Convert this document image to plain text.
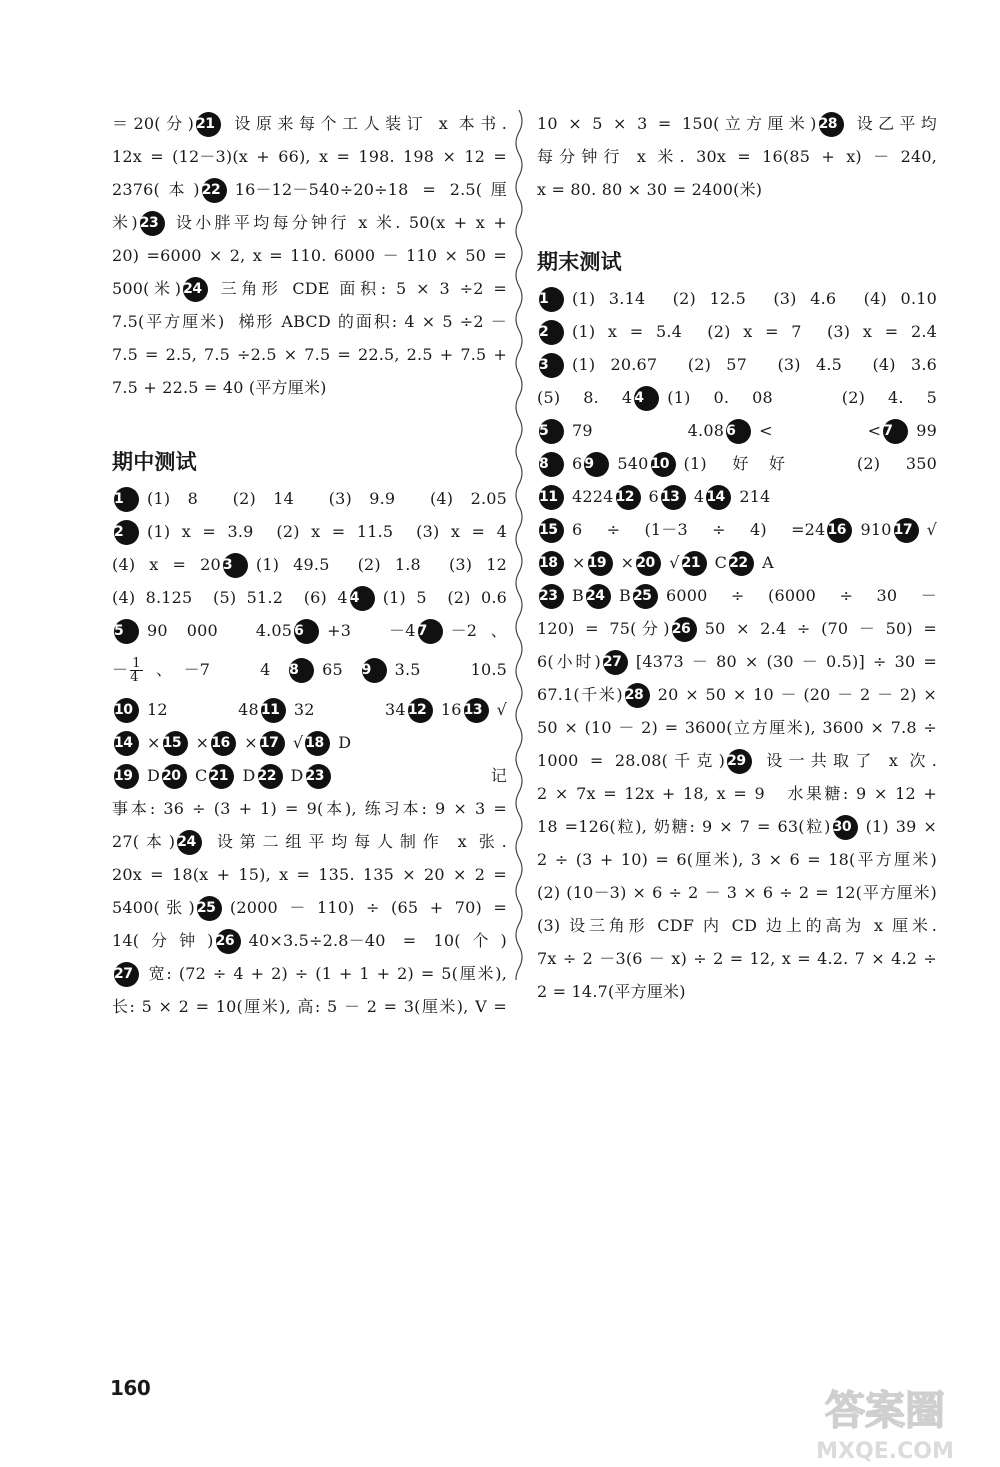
＝20(分) 21 设原来每个工人装订 x 本书.
12x = (12－3)(x + 66), x = 198. 198 × 12 =
2376(本) 22 16－12－540÷20÷18 = 2.5(厘
米) 23 设小胖平均每分钟行 x 米. 50(x + x +
20) =6000 × 2, x = 110. 6000 － 110 × 50 =
500(米) 24 三角形 CDE 面积: 5 × 3 ÷2 =
7.5(平方厘米)  梯形 ABCD 的面积: 4 × 5 ÷2 －
7.5 = 2.5, 7.5 ÷2.5 × 7.5 = 22.5, 2.5 + 7.5 +
7.5 + 22.5 = 40 (平方厘米)
期中测试
1 (1) 8  (2) 14  (3) 9.9  (4) 2.05
2 (1) x = 3.9  (2) x = 11.5  (3) x = 4
(4) x = 20 3 (1) 49.5  (2) 1.8  (3) 12
(4) 8.125  (5) 51.2  (6) 4 4 (1) 5  (2) 0.6
5 90 000  4.05 6 +3  －4 7 －2、
－ $\frac{1}{4}$ 、－7   4 8 65 9 3.5   10.5
10 12   48 11 32   34 12 16 13 √
14 × 15 × 16 × 17 √ 18 D
19 D 20 C 21 D 22 D 23 记
事本: 36 ÷ (3 + 1) = 9(本), 练习本: 9 × 3 =
27(本) 24 设第二组平均每人制作 x 张.
20x = 18(x + 15), x = 135. 135 × 20 × 2 =
5400(张) 25 (2000 － 110) ÷ (65 + 70) =
14(分钟) 26 40×3.5÷2.8－40 = 10(个)
27 宽: (72 ÷ 4 + 2) ÷ (1 + 1 + 2) = 5(厘米),
长: 5 × 2 = 10(厘米), 高: 5 － 2 = 3(厘米), V =
10 × 5 × 3 = 150(立方厘米) 28 设乙平均
每分钟行 x 米. 30x = 16(85 + x) － 240,
x = 80. 80 × 30 = 2400(米)
期末测试
1 (1) 3.14  (2) 12.5  (3) 4.6  (4) 0.10
2 (1) x = 5.4  (2) x = 7  (3) x = 2.4
3 (1) 20.67  (2) 57  (3) 4.5  (4) 3.6
(5) 8. 4 4 (1) 0. 08   (2) 4. 5
5 79   4.08 6 <   < 7 99
8 6 9 540 10 (1) 好好  (2) 350
11 4224 12 6 13 4 14 214
15 6 ÷ (1－3 ÷ 4) =24 16 910 17 √
18 × 19 × 20 √ 21 C 22 A
23 B 24 B 25 6000 ÷ (6000 ÷ 30 －
120) = 75(分) 26 50 × 2.4 ÷ (70 － 50) =
6(小时) 27 [4373 － 80 × (30 － 0.5)] ÷ 30 =
67.1(千米) 28 20 × 50 × 10 － (20 － 2 － 2) ×
50 × (10 － 2) = 3600(立方厘米), 3600 × 7.8 ÷
1000 = 28.08(千克) 29 设一共取了 x 次.
2 × 7x = 12x + 18, x = 9   水果糖: 9 × 12 +
18 =126(粒), 奶糖: 9 × 7 = 63(粒) 30 (1) 39 ×
2 ÷ (3 + 10) = 6(厘米), 3 × 6 = 18(平方厘米)
(2) (10－3) × 6 ÷ 2 － 3 × 6 ÷ 2 = 12(平方厘米)
(3) 设三角形 CDF 内 CD 边上的高为 x 厘米.
7x ÷ 2 －3(6 － x) ÷ 2 = 12, x = 4.2. 7 × 4.2 ÷
2 = 14.7(平方厘米)
160	答案圈
MXQE.COM
